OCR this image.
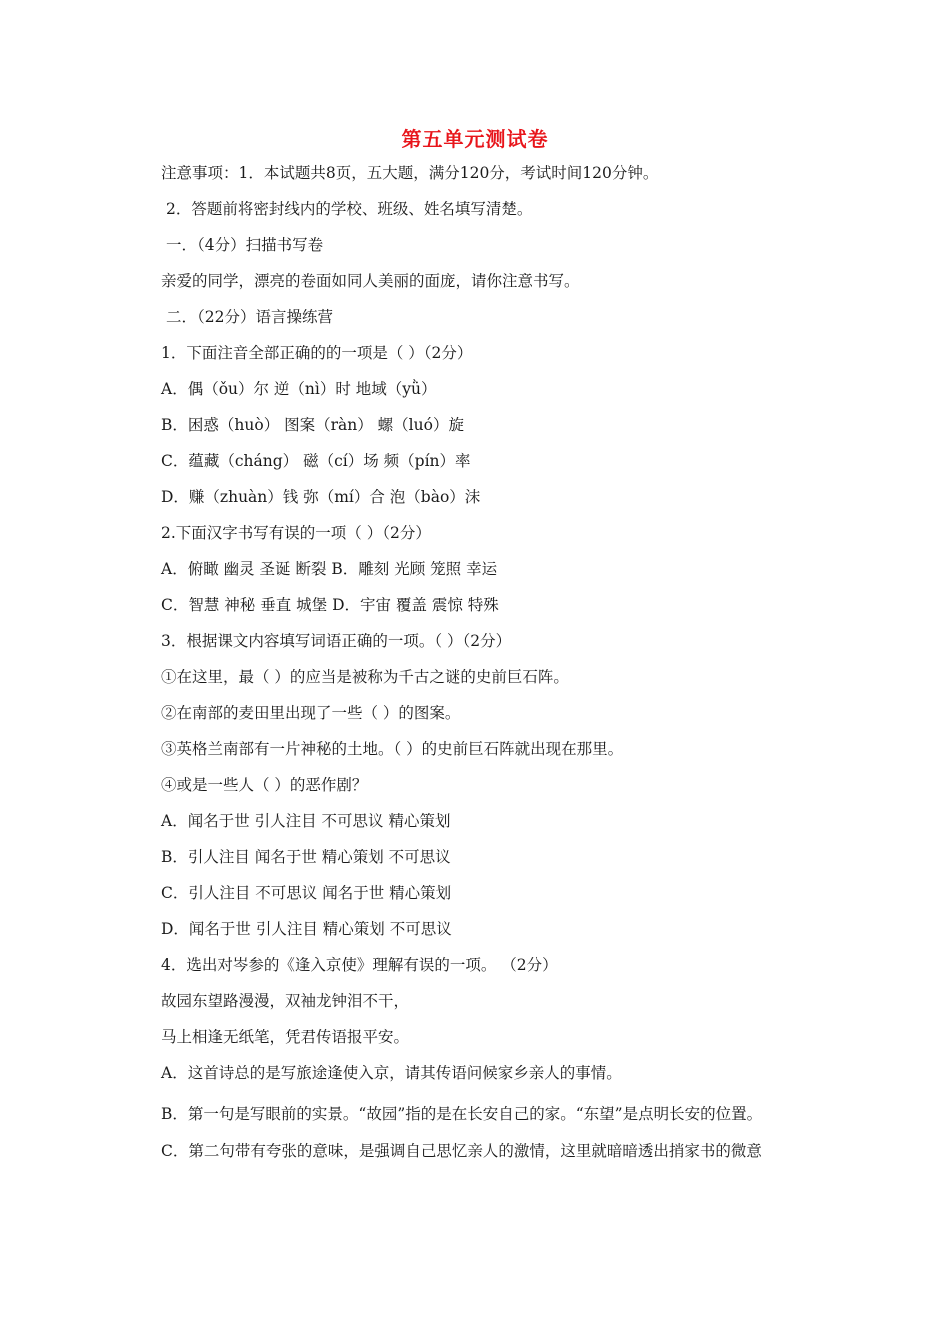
第五单元测试卷
注意事项：1．本试题共8页，五大题，满分120分，考试时间120分钟。
2．答题前将密封线内的学校、班级、姓名填写清楚。
一．（4分）扫描书写卷
亲爱的同学，漂亮的卷面如同人美丽的面庞，请你注意书写。
二．（22分）语言操练营
1．下面注音全部正确的的一项是（ ）（2分）
A．偶（ǒu）尔 逆（nì）时 地域（yǜ）
B．困惑（huò） 图案（ràn） 螺（luó）旋
C．蕴藏（cháng） 磁（cí）场 频（pín）率
D．赚（zhuàn）钱 弥（mí）合 泡（bào）沫
2.下面汉字书写有误的一项（ ）（2分）
A．俯瞰 幽灵 圣诞 断裂 B．雕刻 光顾 笼照 幸运
C．智慧 神秘 垂直 城堡 D．宇宙 覆盖 震惊 特殊
3．根据课文内容填写词语正确的一项。（ ）（2分）
①在这里，最（ ）的应当是被称为千古之谜的史前巨石阵。
②在南部的麦田里出现了一些（ ）的图案。
③英格兰南部有一片神秘的土地。（ ）的史前巨石阵就出现在那里。
④或是一些人（ ）的恶作剧？
A．闻名于世 引人注目 不可思议 精心策划
B．引人注目 闻名于世 精心策划 不可思议
C．引人注目 不可思议 闻名于世 精心策划
D．闻名于世 引人注目 精心策划 不可思议
4．选出对岑参的《逢入京使》理解有误的一项。 （2分）
故园东望路漫漫，双袖龙钟泪不干，
马上相逢无纸笔，凭君传语报平安。
A．这首诗总的是写旅途逢使入京，请其传语问候家乡亲人的事情。
B．第一句是写眼前的实景。“故园”指的是在长安自己的家。“东望”是点明长安的位置。
C．第二句带有夸张的意味，是强调自己思忆亲人的激情，这里就暗暗透出捎家书的微意
